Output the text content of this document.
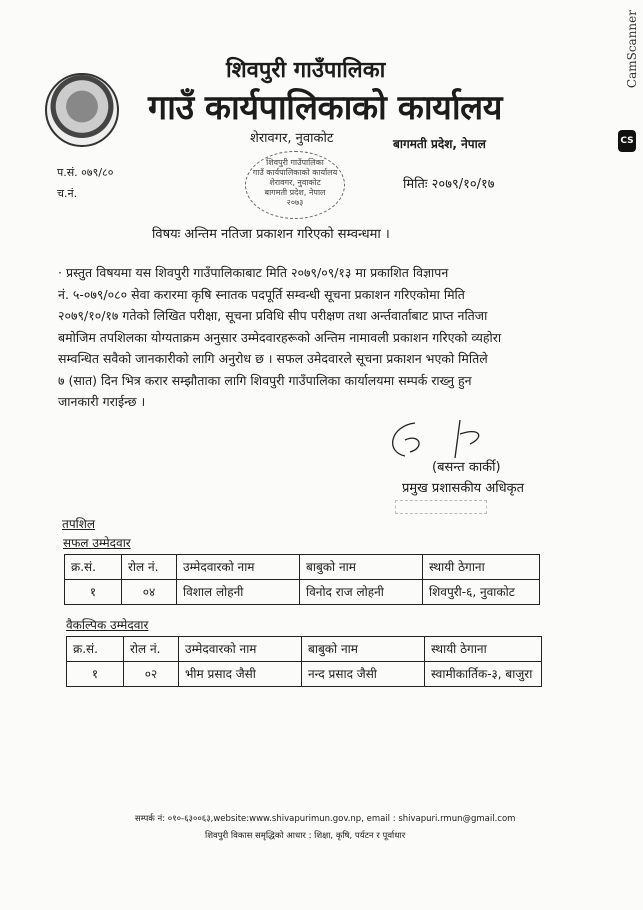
CamScanner
CS
शिवपुरी गाउँपालिका
गाउँ कार्यपालिकाको कार्यालय
शेरावगर, नुवाकोट
शिवपुरी गाउँपालिका
गाउँ कार्यपालिकाको कार्यालय
शेरावगर, नुवाकोट
बागमती प्रदेश, नेपाल
२०७३
बागमती प्रदेश, नेपाल
प.सं. ०७९/८०
च.नं.
मितिः २०७९/१०/१७
विषयः अन्तिम नतिजा प्रकाशन गरिएको सम्वन्धमा ।
· प्रस्तुत विषयमा यस शिवपुरी गाउँपालिकाबाट मिति २०७९/०९/१३ मा प्रकाशित विज्ञापन
नं. ५-०७९/०८० सेवा करारमा कृषि स्नातक पदपूर्ति सम्वन्धी सूचना प्रकाशन गरिएकोमा मिति
२०७९/१०/१७ गतेको लिखित परीक्षा, सूचना प्रविधि सीप परीक्षण तथा अर्न्तवार्ताबाट प्राप्त नतिजा
बमोजिम तपशिलका योग्यताक्रम अनुसार उम्मेदवारहरूको अन्तिम नामावली प्रकाशन गरिएको व्यहोरा
सम्वन्धित सवैको जानकारीको लागि अनुरोध छ । सफल उमेदवारले सूचना प्रकाशन भएको मितिले
७ (सात) दिन भित्र करार सम्झौताका लागि शिवपुरी गाउँपालिका कार्यालयमा सम्पर्क राख्नु हुन
जानकारी गराईन्छ ।
(बसन्त कार्की)
प्रमुख प्रशासकीय अधिकृत
तपशिल
सफल उम्मेदवार
क्र.सं.	रोल नं.	उम्मेदवारको नाम	बाबुको नाम	स्थायी ठेगाना
१	०४	विशाल लोहनी	विनोद राज लोहनी	शिवपुरी-६, नुवाकोट
वैकल्पिक उम्मेदवार
क्र.सं.	रोल नं.	उम्मेदवारको नाम	बाबुको नाम	स्थायी ठेगाना
१	०२	भीम प्रसाद जैसी	नन्द प्रसाद जैसी	स्वामीकार्तिक-३, बाजुरा
सम्पर्क नं: ०१०-६३००६३,website:www.shivapurimun.gov.np, email : shivapuri.rmun@gmail.com
शिवपुरी विकास समृद्धिको आधार : शिक्षा, कृषि, पर्यटन र पूर्वाधार
